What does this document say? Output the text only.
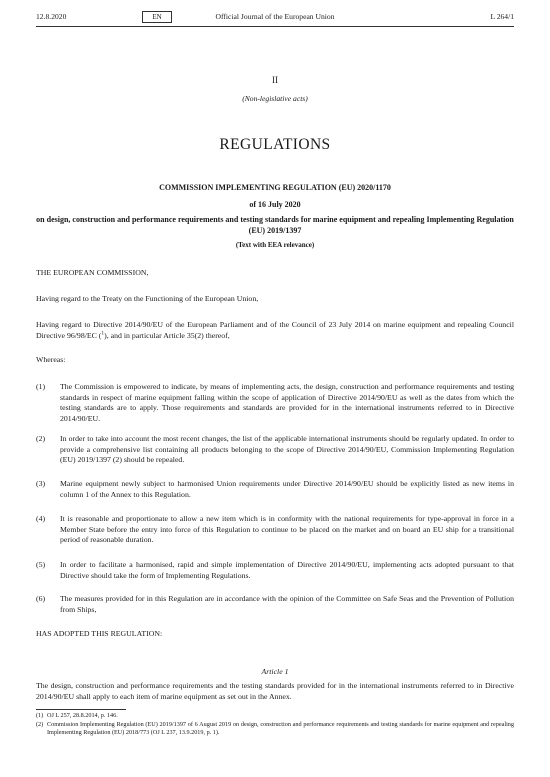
12.8.2020	EN	Official Journal of the European Union	L 264/1
II
(Non-legislative acts)
REGULATIONS
COMMISSION IMPLEMENTING REGULATION (EU) 2020/1170
of 16 July 2020
on design, construction and performance requirements and testing standards for marine equipment and repealing Implementing Regulation (EU) 2019/1397
(Text with EEA relevance)
THE EUROPEAN COMMISSION,
Having regard to the Treaty on the Functioning of the European Union,
Having regard to Directive 2014/90/EU of the European Parliament and of the Council of 23 July 2014 on marine equipment and repealing Council Directive 96/98/EC ($^1$), and in particular Article 35(2) thereof,
Whereas:
(1) The Commission is empowered to indicate, by means of implementing acts, the design, construction and performance requirements and testing standards in respect of marine equipment falling within the scope of application of Directive 2014/90/EU as well as the dates from which the testing standards are to apply. Those requirements and standards are provided for in the international instruments referred to in Directive 2014/90/EU.
(2) In order to take into account the most recent changes, the list of the applicable international instruments should be regularly updated. In order to provide a comprehensive list containing all products belonging to the scope of Directive 2014/90/EU, Commission Implementing Regulation (EU) 2019/1397 (2) should be repealed.
(3) Marine equipment newly subject to harmonised Union requirements under Directive 2014/90/EU should be explicitly listed as new items in column 1 of the Annex to this Regulation.
(4) It is reasonable and proportionate to allow a new item which is in conformity with the national requirements for type-approval in force in a Member State before the entry into force of this Regulation to continue to be placed on the market and on board an EU ship for a transitional period of reasonable duration.
(5) In order to facilitate a harmonised, rapid and simple implementation of Directive 2014/90/EU, implementing acts adopted pursuant to that Directive should take the form of Implementing Regulations.
(6) The measures provided for in this Regulation are in accordance with the opinion of the Committee on Safe Seas and the Prevention of Pollution from Ships,
HAS ADOPTED THIS REGULATION:
Article 1
The design, construction and performance requirements and the testing standards provided for in the international instruments referred to in Directive 2014/90/EU shall apply to each item of marine equipment as set out in the Annex.
(1) OJ L 257, 28.8.2014, p. 146.
(2) Commission Implementing Regulation (EU) 2019/1397 of 6 August 2019 on design, construction and performance requirements and testing standards for marine equipment and repealing Implementing Regulation (EU) 2018/773 (OJ L 237, 13.9.2019, p. 1).
